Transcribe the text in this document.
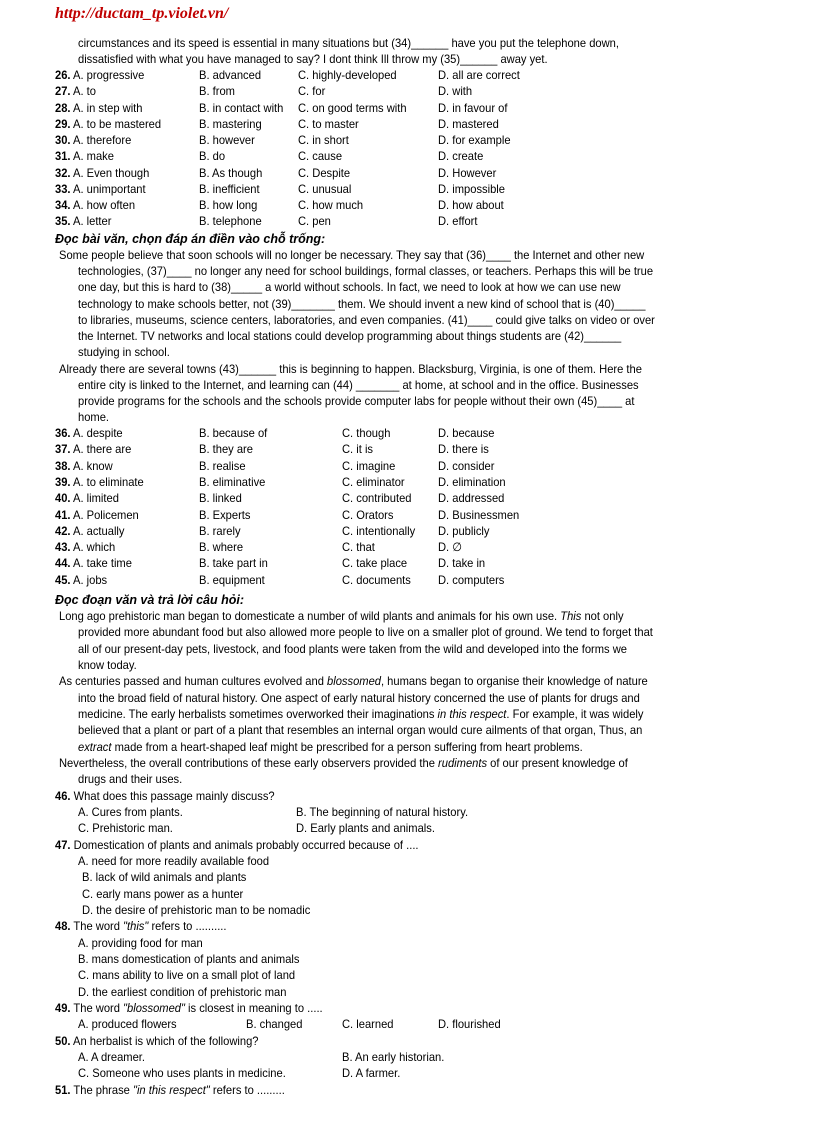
http://ductam_tp.violet.vn/
circumstances and its speed is essential in many situations but (34)______ have you put the telephone down,
dissatisfied with what you have managed to say? I dont think Ill throw my (35)______ away yet.
Đọc bài văn, chọn đáp án điền vào chỗ trống:
Some people believe that soon schools will no longer be necessary. They say that (36)____ the Internet and other new
technologies, (37)____ no longer any need for school buildings, formal classes, or teachers. Perhaps this will be true
one day, but this is hard to (38)_____ a world without schools. In fact, we need to look at how we can use new
technology to make schools better, not (39)_______ them. We should invent a new kind of school that is (40)_____
to libraries, museums, science centers, laboratories, and even companies. (41)____ could give talks on video or over
the Internet. TV networks and local stations could develop programming about things students are (42)______
studying in school.
Already there are several towns (43)______ this is beginning to happen. Blacksburg, Virginia, is one of them. Here the
entire city is linked to the Internet, and learning can (44) _______ at home, at school and in the office. Businesses
provide programs for the schools and the schools provide computer labs for people without their own (45)____ at
home.
Đọc đoạn văn và trả lời câu hỏi:
Long ago prehistoric man began to domesticate a number of wild plants and animals for his own use. This not only
provided more abundant food but also allowed more people to live on a smaller plot of ground. We tend to forget that
all of our present-day pets, livestock, and food plants were taken from the wild and developed into the forms we
know today.
As centuries passed and human cultures evolved and blossomed, humans began to organise their knowledge of nature
into the broad field of natural history. One aspect of early natural history concerned the use of plants for drugs and
medicine. The early herbalists sometimes overworked their imaginations in this respect. For example, it was widely
believed that a plant or part of a plant that resembles an internal organ would cure ailments of that organ, Thus, an
extract made from a heart-shaped leaf might be prescribed for a person suffering from heart problems.
Nevertheless, the overall contributions of these early observers provided the rudiments of our present knowledge of
drugs and their uses.
46. What does this passage mainly discuss?
A. Cures from plants.	B. The beginning of natural history.
C. Prehistoric man.	D. Early plants and animals.
47. Domestication of plants and animals probably occurred because of ....
A. need for more readily available food
B. lack of wild animals and plants
C. early mans power as a hunter
D. the desire of prehistoric man to be nomadic
48. The word "this" refers to ..........
A. providing food for man
B. mans domestication of plants and animals
C. mans ability to live on a small plot of land
D. the earliest condition of prehistoric man
49. The word "blossomed" is closest in meaning to .....
A. produced flowers	B. changed	C. learned	D. flourished
50. An herbalist is which of the following?
A. A dreamer.	B. An early historian.
C. Someone who uses plants in medicine.	D. A farmer.
51. The phrase "in this respect" refers to .........
26. A. progressive	B. advanced	C. highly-developed	D. all are correct
27. A. to	B. from	C. for	D. with
28. A. in step with	B. in contact with C. on good terms with	D. in favour of
29. A. to be mastered	B. mastering	C. to master	D. mastered
30. A. therefore	B. however	C. in short	D. for example
31. A. make	B. do	C. cause	D. create
32. A. Even though	B. As though	C. Despite	D. However
33. A. unimportant	B. inefficient	C. unusual	D. impossible
34. A. how often	B. how long	C. how much	D. how about
35. A. letter	B. telephone	C. pen	D. effort
36. A. despite	B. because of	C. though	D. because
37. A. there are	B. they are	C. it is	D. there is
38. A. know	B. realise	C. imagine	D. consider
39. A. to eliminate	B. eliminative	C. eliminator	D. elimination
40. A. limited	B. linked	C. contributed D. addressed
41. A. Policemen	B. Experts	C. Orators	D. Businessmen
42. A. actually	B. rarely	C. intentionally D. publicly
43. A. which	B. where	C. that	D. ∅
44. A. take time	B. take part in	C. take place	D. take in
45. A. jobs	B. equipment	C. documents D. computers
